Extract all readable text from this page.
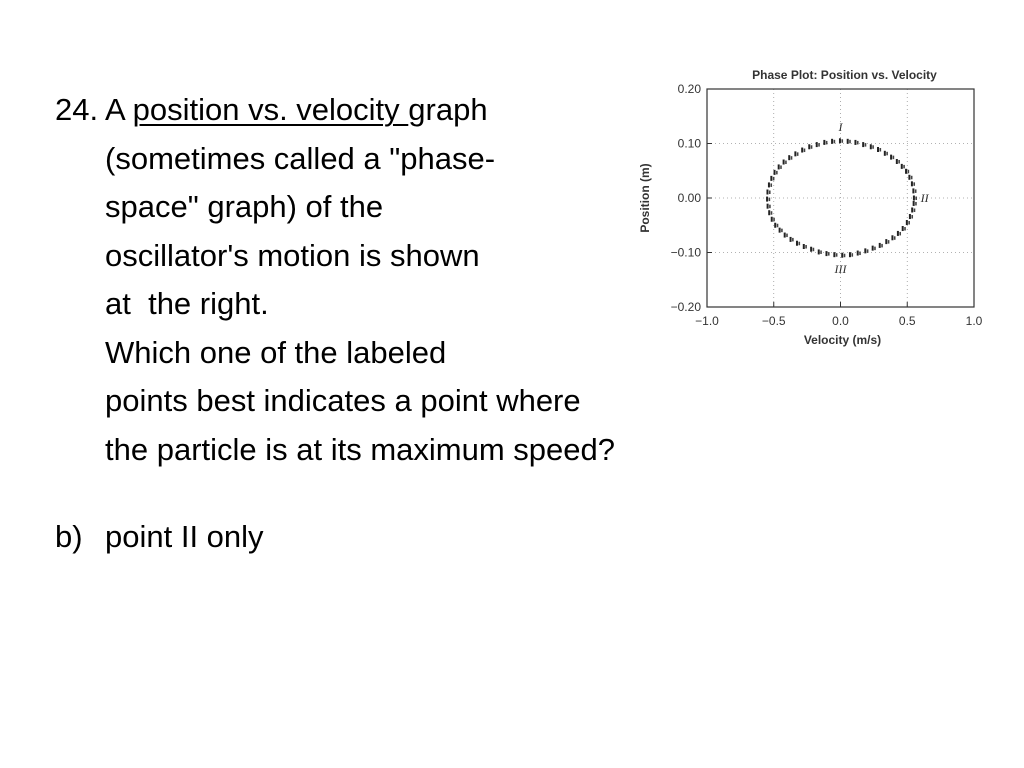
24. A position vs. velocity graph
(sometimes called a "phase-
space" graph) of the
oscillator's motion is shown
at  the right.
Which one of the labeled
points best indicates a point where
the particle is at its maximum speed?
b) point II only
Phase Plot: Position vs. Velocity
−1.0	−0.5	0.0	0.5	1.0
0.20
0.10
0.00
−0.10
−0.20
Velocity (m/s)
Position (m)
I
II
III
